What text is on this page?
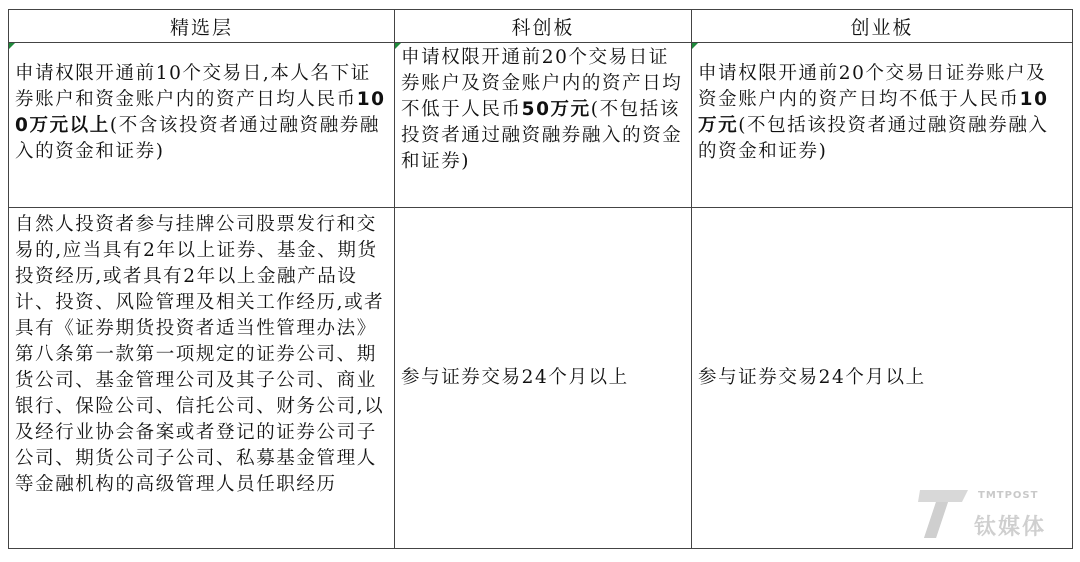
精选层	科创板	创业板

申请权限开通前10个交易日,本人名下证券账户和资金账户内的资产日均人民币100万元以上(不含该投资者通过融资融券融入的资金和证券)	申请权限开通前20个交易日证券账户及资金账户内的资产日均不低于人民币50万元(不包括该投资者通过融资融券融入的资金和证券)	申请权限开通前20个交易日证券账户及资金账户内的资产日均不低于人民币10万元(不包括该投资者通过融资融券融入的资金和证券)

自然人投资者参与挂牌公司股票发行和交易的,应当具有2年以上证券、基金、期货投资经历,或者具有2年以上金融产品设计、投资、风险管理及相关工作经历,或者具有《证券期货投资者适当性管理办法》第八条第一款第一项规定的证券公司、期货公司、基金管理公司及其子公司、商业银行、保险公司、信托公司、财务公司,以及经行业协会备案或者登记的证券公司子公司、期货公司子公司、私募基金管理人等金融机构的高级管理人员任职经历	参与证券交易24个月以上	参与证券交易24个月以上
TMTPOST
钛媒体
